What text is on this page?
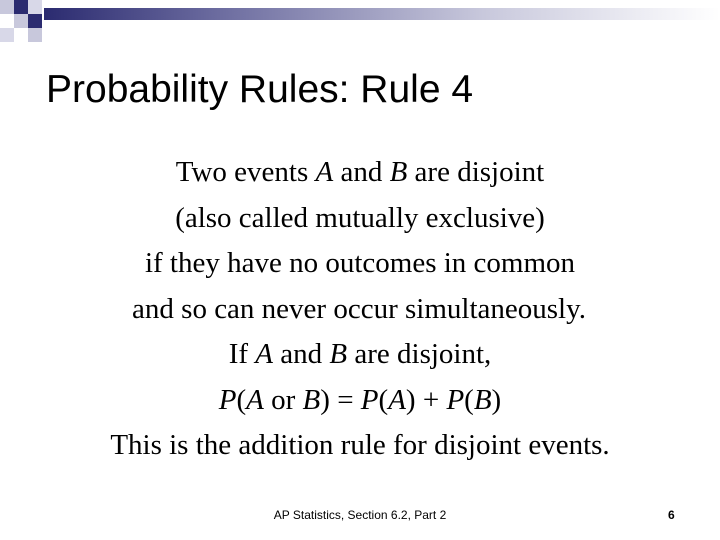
Probability Rules: Rule 4
Two events A and B are disjoint
(also called mutually exclusive)
if they have no outcomes in common
and so can never occur simultaneously.
If A and B are disjoint,
P(A or B) = P(A) + P(B)
This is the addition rule for disjoint events.
AP Statistics, Section 6.2, Part 2	6
